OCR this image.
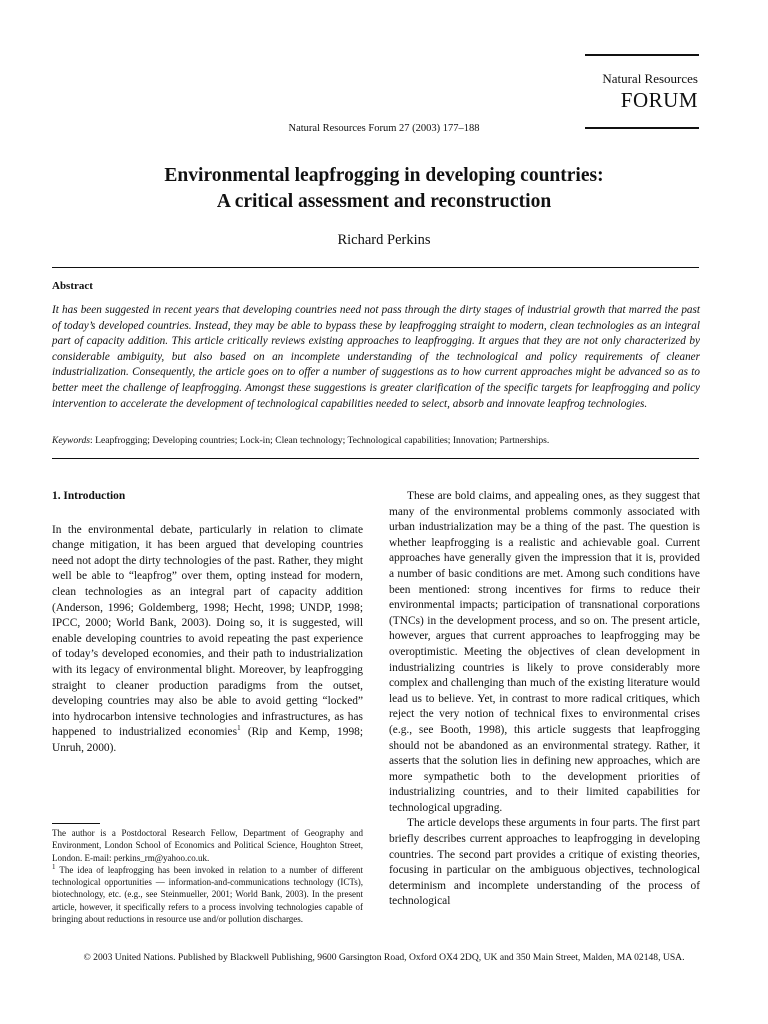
Natural Resources
FORUM
Natural Resources Forum 27 (2003) 177–188
Environmental leapfrogging in developing countries:
A critical assessment and reconstruction
Richard Perkins
Abstract

It has been suggested in recent years that developing countries need not pass through the dirty stages of industrial growth that marred the past of today’s developed countries. Instead, they may be able to bypass these by leapfrogging straight to modern, clean technologies as an integral part of capacity addition. This article critically reviews existing approaches to leapfrogging. It argues that they are not only characterized by considerable ambiguity, but also based on an incomplete understanding of the technological and policy requirements of cleaner industrialization. Consequently, the article goes on to offer a number of suggestions as to how current approaches might be advanced so as to better meet the challenge of leapfrogging. Amongst these suggestions is greater clarification of the specific targets for leapfrogging and policy intervention to accelerate the development of technological capabilities needed to select, absorb and innovate leapfrog technologies.

Keywords: Leapfrogging; Developing countries; Lock-in; Clean technology; Technological capabilities; Innovation; Partnerships.
1. Introduction

In the environmental debate, particularly in relation to climate change mitigation, it has been argued that developing countries need not adopt the dirty technologies of the past. Rather, they might well be able to “leapfrog” over them, opting instead for modern, clean technologies as an integral part of capacity addition (Anderson, 1996; Goldemberg, 1998; Hecht, 1998; UNDP, 1998; IPCC, 2000; World Bank, 2003). Doing so, it is suggested, will enable developing countries to avoid repeating the past experience of today’s developed economies, and their path to industrialization with its legacy of environmental blight. Moreover, by leapfrogging straight to cleaner production paradigms from the outset, developing countries may also be able to avoid getting “locked” into hydrocarbon intensive technologies and infrastructures, as has happened to industrialized economies$^1$ (Rip and Kemp, 1998; Unruh, 2000).

These are bold claims, and appealing ones, as they suggest that many of the environmental problems commonly associated with urban industrialization may be a thing of the past. The question is whether leapfrogging is a realistic and achievable goal. Current approaches have generally given the impression that it is, provided a number of basic conditions are met. Among such conditions have been mentioned: strong incentives for firms to reduce their environmental impacts; participation of transnational corporations (TNCs) in the development process, and so on. The present article, however, argues that current approaches to leapfrogging may be overoptimistic. Meeting the objectives of clean development in industrializing countries is likely to prove considerably more complex and challenging than much of the existing literature would lead us to believe. Yet, in contrast to more radical critiques, which reject the very notion of technical fixes to environmental crises (e.g., see Booth, 1998), this article suggests that leapfrogging should not be abandoned as an environmental strategy. Rather, it asserts that the solution lies in defining new approaches, which are more sympathetic both to the development priorities of industrializing countries, and to their limited capabilities for technological upgrading.

The article develops these arguments in four parts. The first part briefly describes current approaches to leapfrogging in developing countries. The second part provides a critique of existing theories, focusing in particular on the ambiguous objectives, technological determinism and incomplete understanding of the process of technological

The author is a Postdoctoral Research Fellow, Department of Geography and Environment, London School of Economics and Political Science, Houghton Street, London. E-mail: perkins_rm@yahoo.co.uk.

$^1$ The idea of leapfrogging has been invoked in relation to a number of different technological opportunities — information-and-communications technology (ICTs), biotechnology, etc. (e.g., see Steinmueller, 2001; World Bank, 2003). In the present article, however, it specifically refers to a process involving technologies capable of bringing about reductions in resource use and/or pollution discharges.

© 2003 United Nations. Published by Blackwell Publishing, 9600 Garsington Road, Oxford OX4 2DQ, UK and 350 Main Street, Malden, MA 02148, USA.
